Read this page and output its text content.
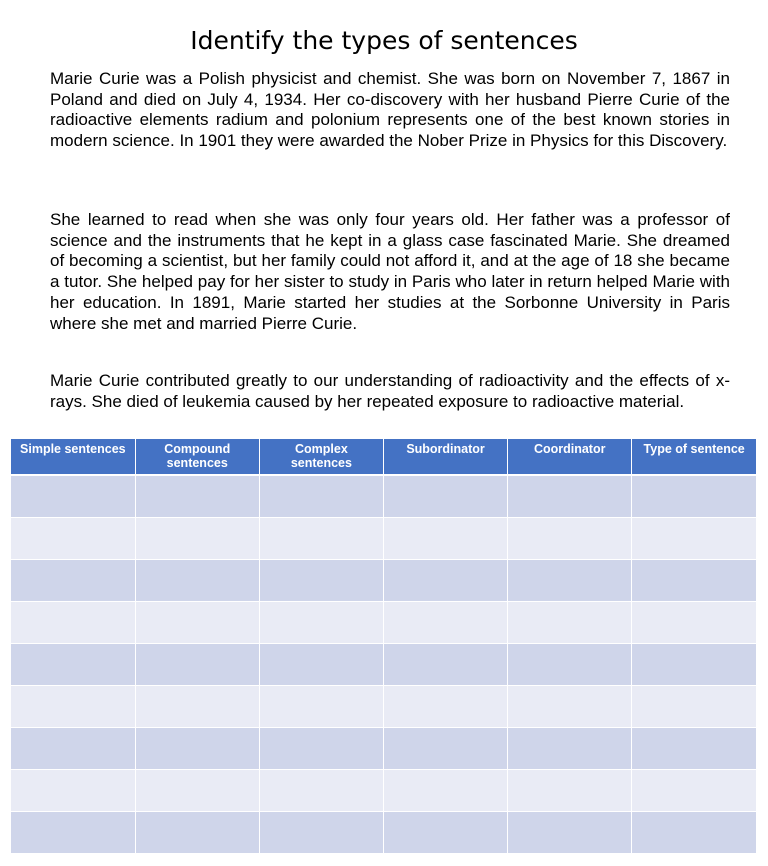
Identify the types of sentences

Marie Curie was a Polish physicist and chemist. She was born on November 7, 1867 in Poland and died on July 4, 1934. Her co-discovery with her husband Pierre Curie of the radioactive elements radium and polonium represents one of the best known stories in modern science. In 1901 they were awarded the Nober Prize in Physics for this Discovery.

She learned to read when she was only four years old. Her father was a professor of science and the instruments that he kept in a glass case fascinated Marie. She dreamed of becoming a scientist, but her family could not afford it, and at the age of 18 she became a tutor. She helped pay for her sister to study in Paris who later in return helped Marie with her education. In 1891, Marie started her studies at the Sorbonne University in Paris where she met and married Pierre Curie.

Marie Curie contributed greatly to our understanding of radioactivity and the effects of x-rays. She died of leukemia caused by her repeated exposure to radioactive material.

Simple sentences	Compound sentences	Complex sentences	Subordinator	Coordinator	Type of sentence
